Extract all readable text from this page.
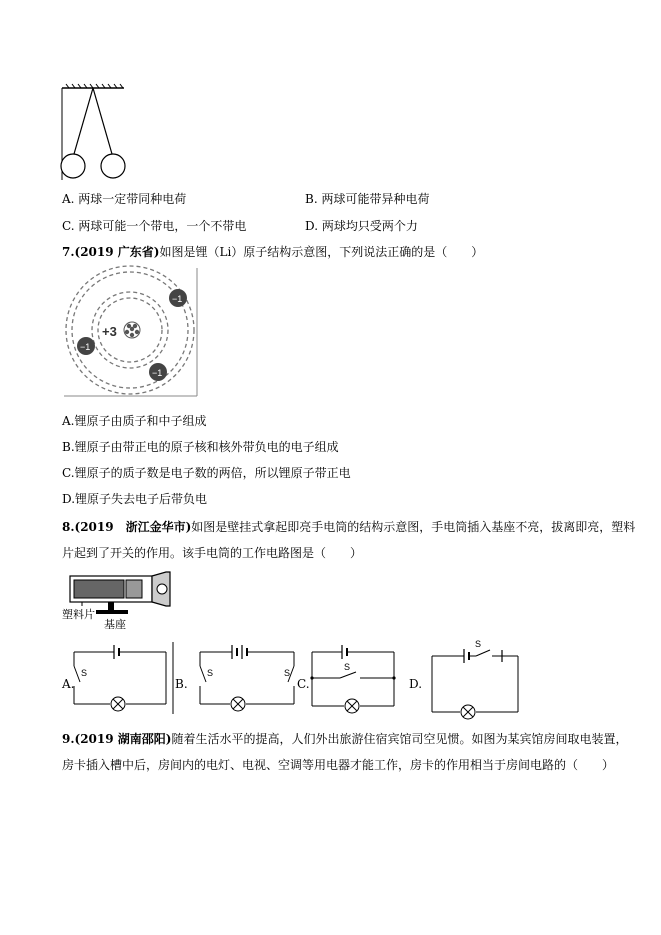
A. 两球一定带同种电荷	B. 两球可能带异种电荷
C. 两球可能一个带电，一个不带电	D. 两球均只受两个力
7.(2019 广东省)如图是锂（Li）原子结构示意图，下列说法正确的是（　　）
+3
−1
−1
−1
A.锂原子由质子和中子组成
B.锂原子由带正电的原子核和核外带负电的电子组成
C.锂原子的质子数是电子数的两倍，所以锂原子带正电
D.锂原子失去电子后带负电
8.(2019　浙江金华市)如图是壁挂式拿起即亮手电筒的结构示意图，手电筒插入基座不亮，拔离即亮，塑料
片起到了开关的作用。该手电筒的工作电路图是（　　）
塑料片
基座
A.
S
B.
S
S
C.
S
D.
S
9.(2019 湖南邵阳)随着生活水平的提高，人们外出旅游住宿宾馆司空见惯。如图为某宾馆房间取电装置，
房卡插入槽中后，房间内的电灯、电视、空调等用电器才能工作，房卡的作用相当于房间电路的（　　）
